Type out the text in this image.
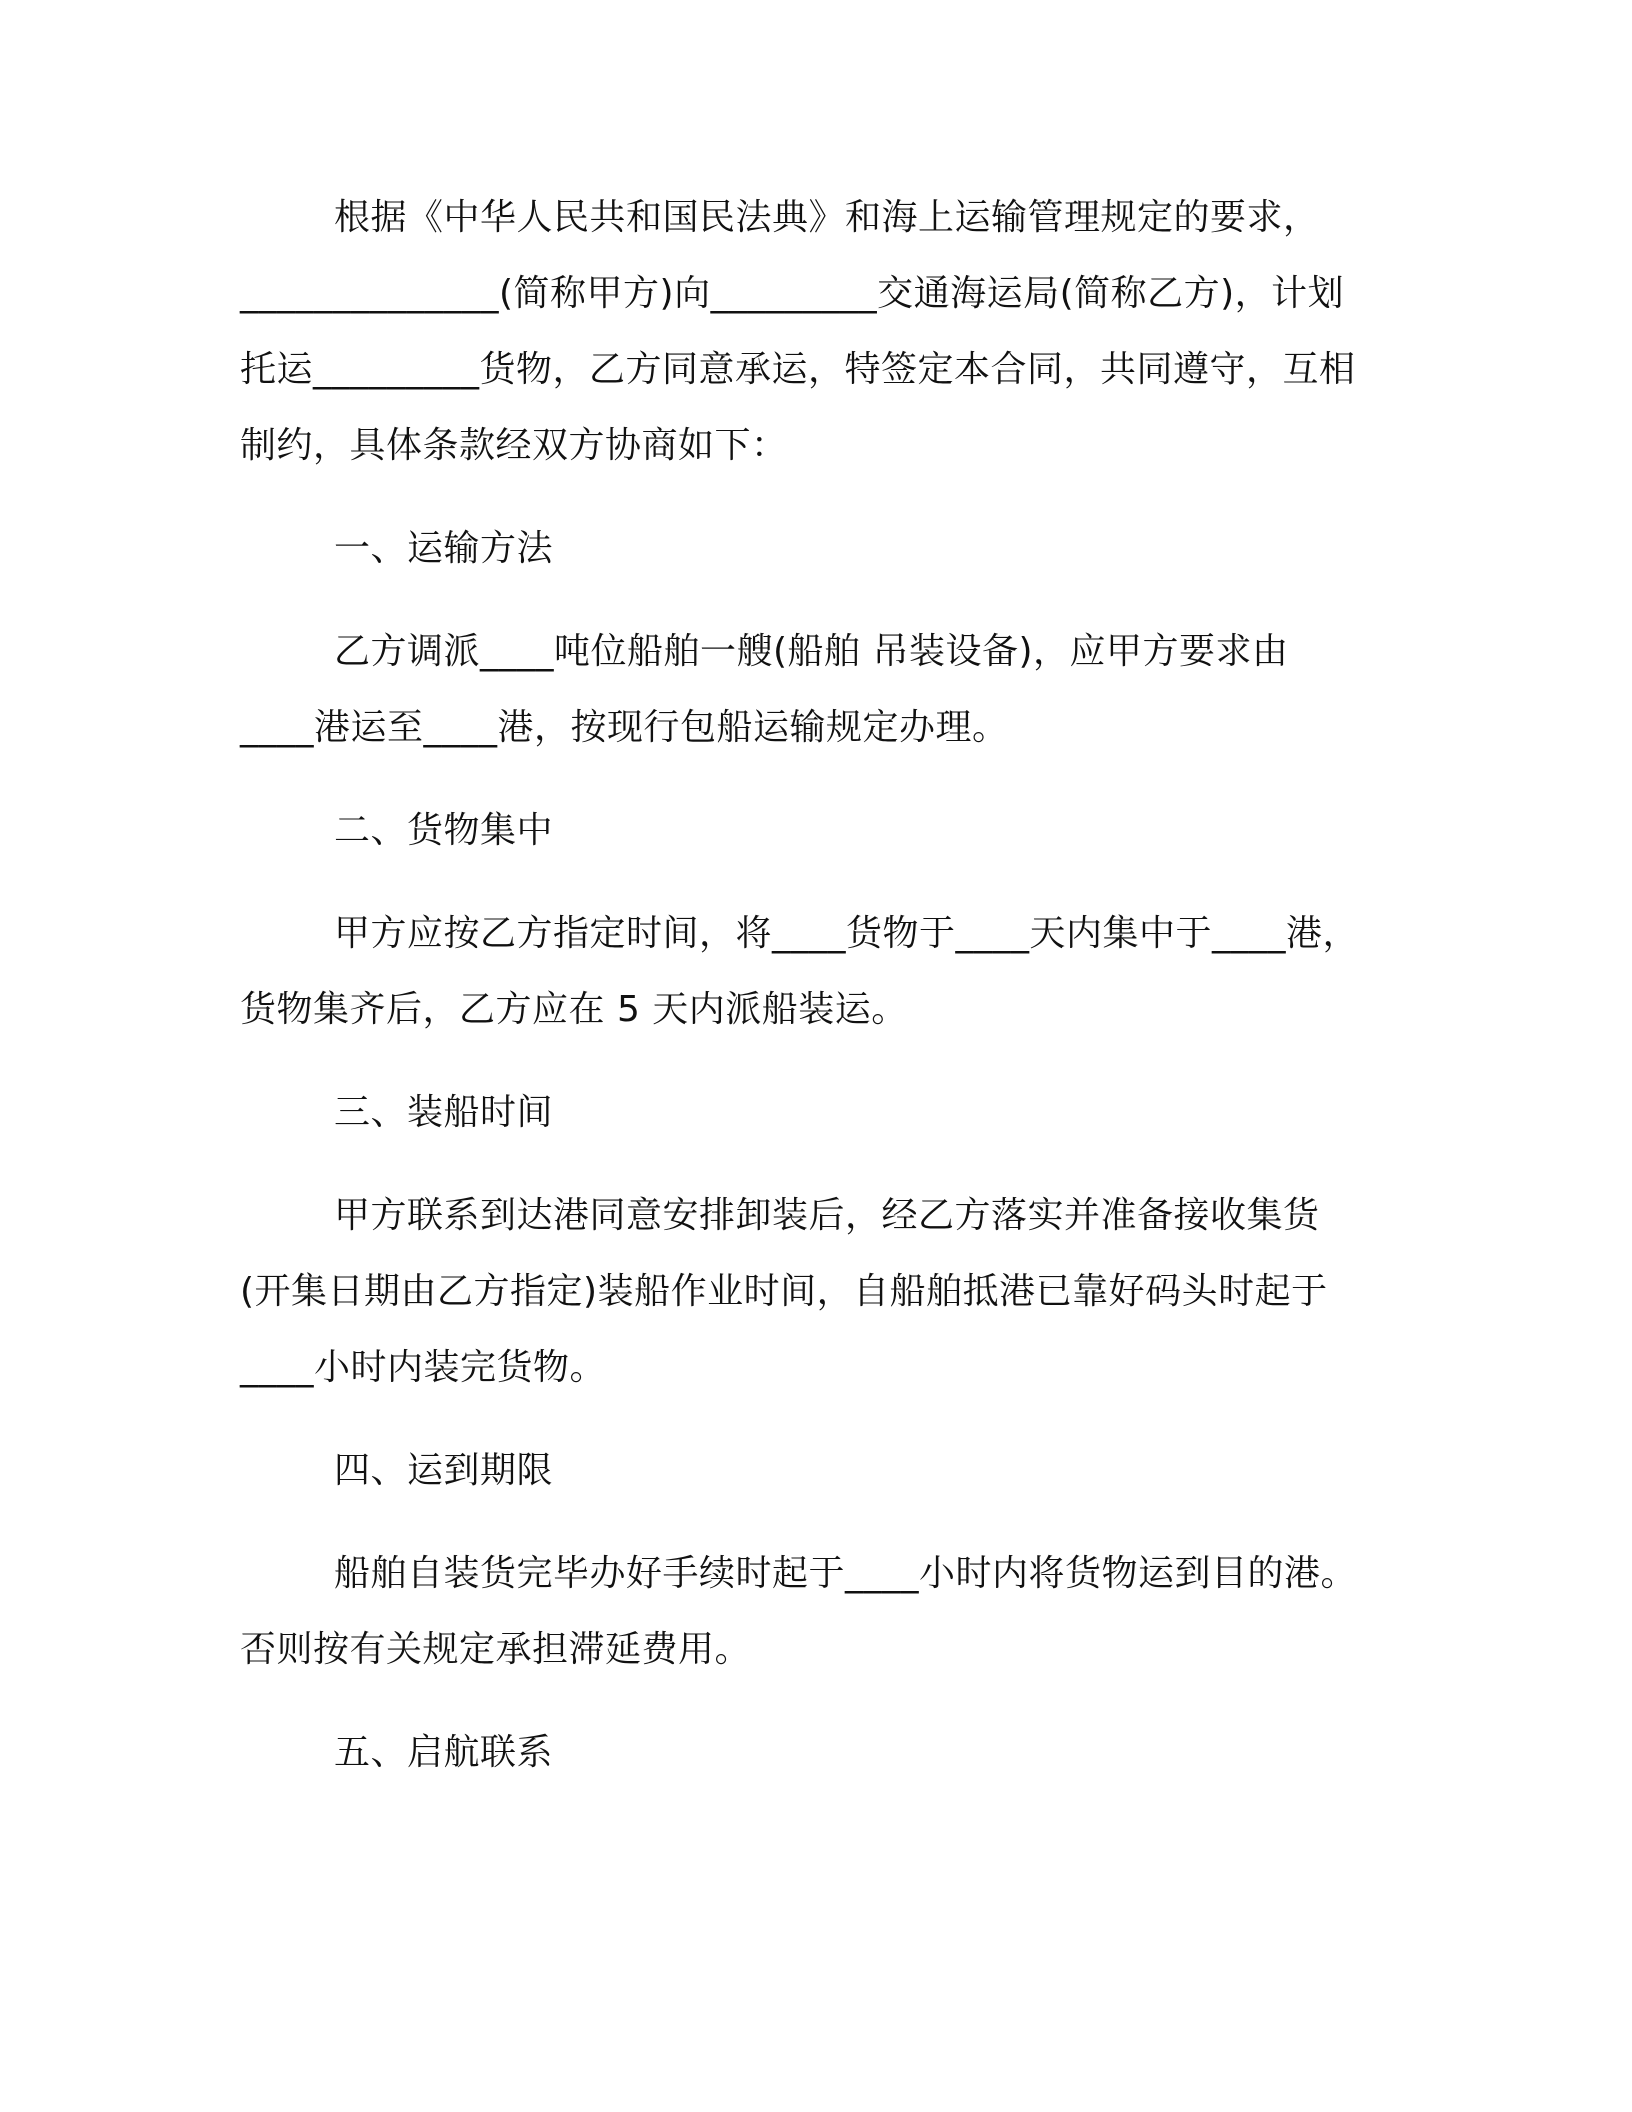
根据《中华人民共和国民法典》和海上运输管理规定的要求，
______________(简称甲方)向_________交通海运局(简称乙方)，计划
托运_________货物，乙方同意承运，特签定本合同，共同遵守，互相
制约，具体条款经双方协商如下：
一、运输方法
乙方调派____吨位船舶一艘(船舶 吊装设备)，应甲方要求由
____港运至____港，按现行包船运输规定办理。
二、货物集中
甲方应按乙方指定时间，将____货物于____天内集中于____港，
货物集齐后，乙方应在 5 天内派船装运。
三、装船时间
甲方联系到达港同意安排卸装后，经乙方落实并准备接收集货
(开集日期由乙方指定)装船作业时间，自船舶抵港已靠好码头时起于
____小时内装完货物。
四、运到期限
船舶自装货完毕办好手续时起于____小时内将货物运到目的港。
否则按有关规定承担滞延费用。
五、启航联系
